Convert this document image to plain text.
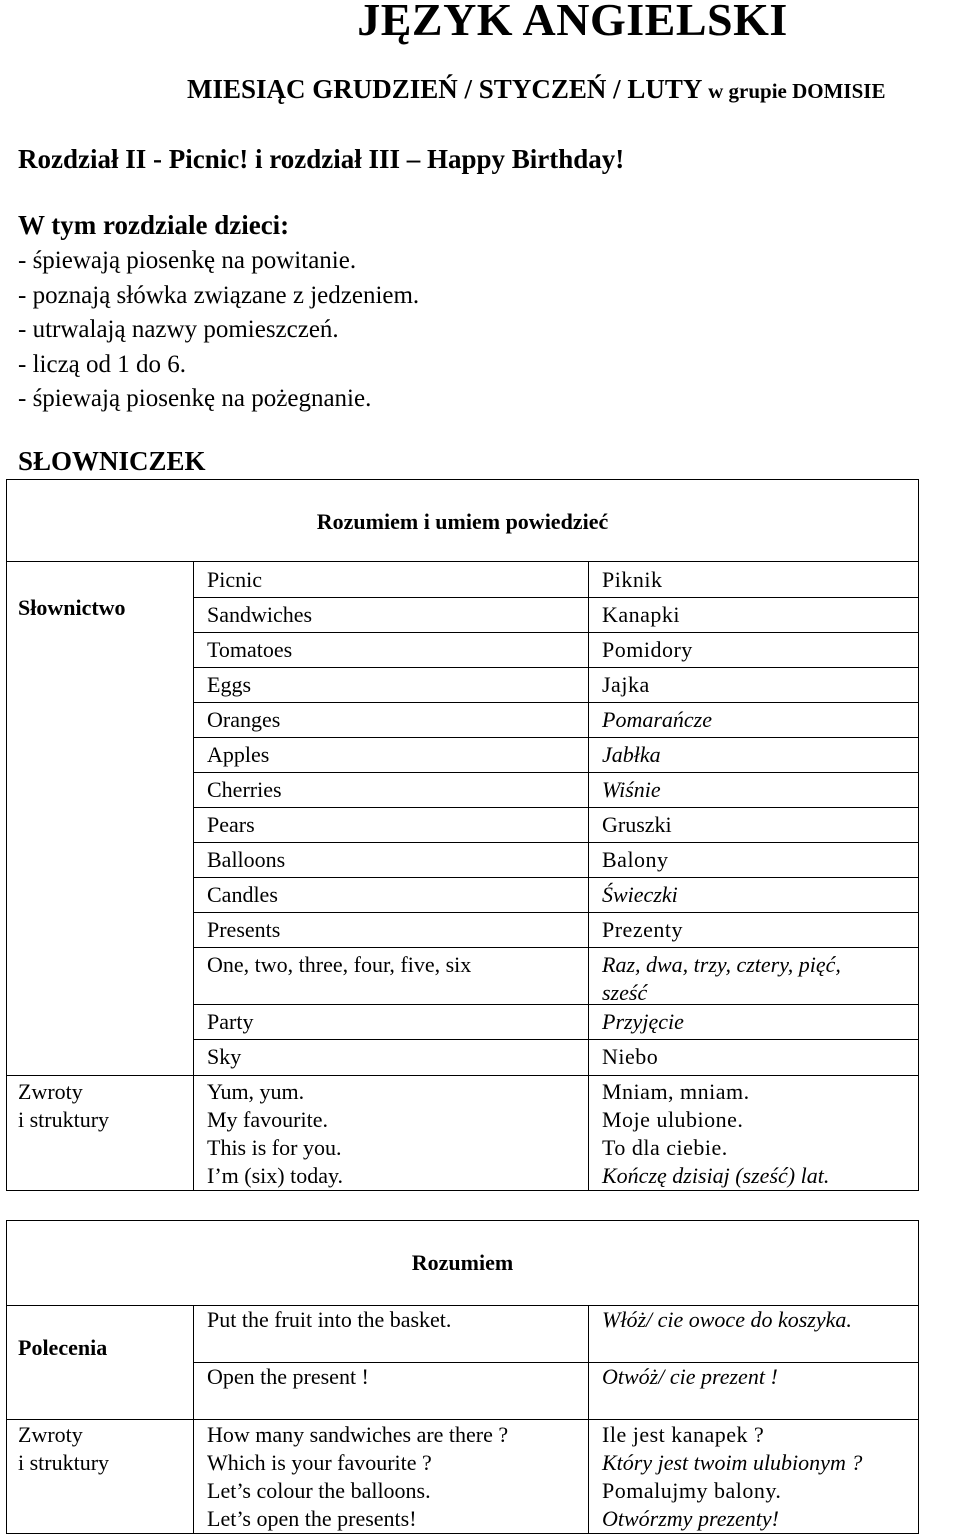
JĘZYK ANGIELSKI
MIESIĄC GRUDZIEŃ / STYCZEŃ / LUTY w grupie DOMISIE
Rozdział II - Picnic! i rozdział III – Happy Birthday!
W tym rozdziale dzieci:
- śpiewają piosenkę na powitanie.
- poznają słówka związane z jedzeniem.
- utrwalają nazwy pomieszczeń.
- liczą od 1 do 6.
- śpiewają piosenkę na pożegnanie.
SŁOWNICZEK
Rozumiem i umiem powiedzieć
Słownictwo
Picnic
Sandwiches
Tomatoes
Eggs
Oranges
Apples
Cherries
Pears
Balloons
Candles
Presents
One, two, three, four, five, six
Party
Sky
Piknik
Kanapki
Pomidory
Jajka
Pomarańcze
Jabłka
Wiśnie
Gruszki
Balony
Świeczki
Prezenty
Raz, dwa, trzy, cztery, pięć,
sześć
Przyjęcie
Niebo
Zwroty
i struktury
Yum, yum.
My favourite.
This is for you.
I’m (six) today.
Mniam, mniam.
Moje ulubione.
To dla ciebie.
Kończę dzisiaj (sześć) lat.
Rozumiem
Polecenia
Put the fruit into the basket.
Open the present !
Włóż/ cie owoce do koszyka.
Otwóż/ cie prezent !
Zwroty
i struktury
How many sandwiches are there ?
Which is your favourite ?
Let’s colour the balloons.
Let’s open the presents!
Ile jest kanapek ?
Który jest twoim ulubionym ?
Pomalujmy balony.
Otwórzmy prezenty!
